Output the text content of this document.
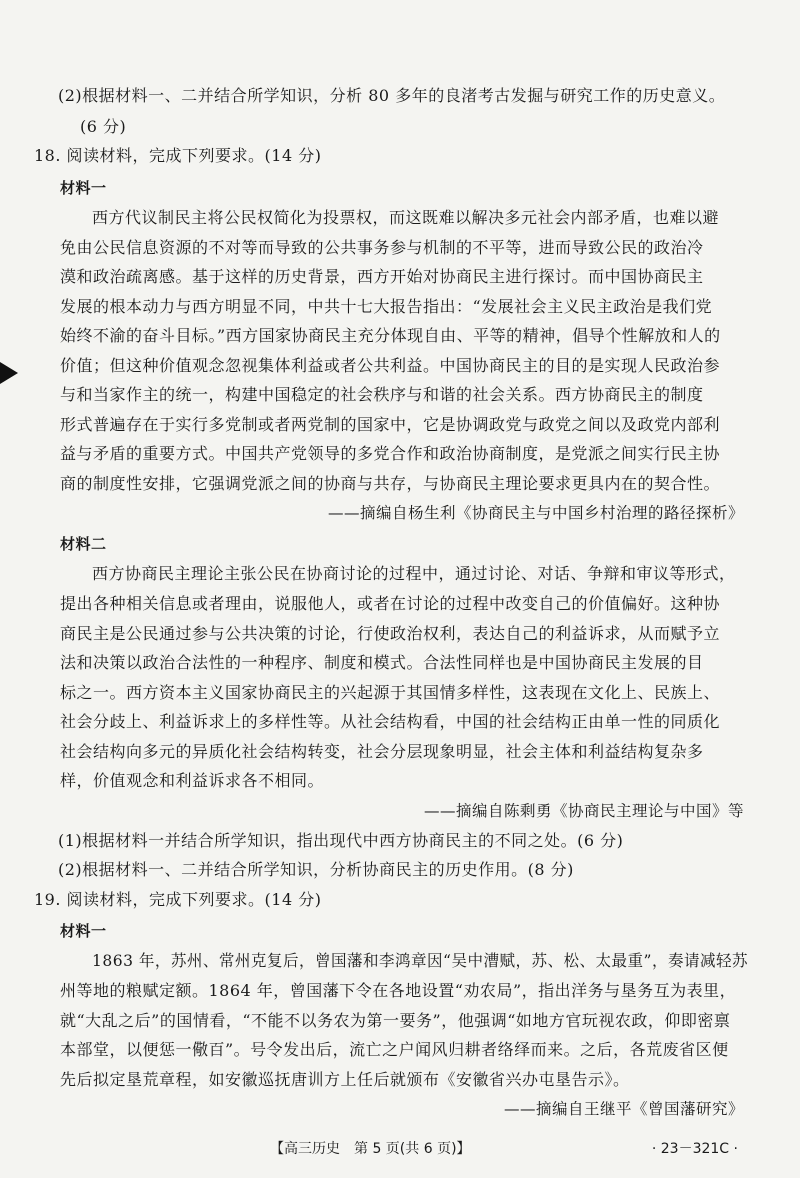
(2)根据材料一、二并结合所学知识，分析 80 多年的良渚考古发掘与研究工作的历史意义。
(6 分)
18. 阅读材料，完成下列要求。(14 分)
材料一
西方代议制民主将公民权简化为投票权，而这既难以解决多元社会内部矛盾，也难以避
免由公民信息资源的不对等而导致的公共事务参与机制的不平等，进而导致公民的政治冷
漠和政治疏离感。基于这样的历史背景，西方开始对协商民主进行探讨。而中国协商民主
发展的根本动力与西方明显不同，中共十七大报告指出：“发展社会主义民主政治是我们党
始终不渝的奋斗目标。”西方国家协商民主充分体现自由、平等的精神，倡导个性解放和人的
价值；但这种价值观念忽视集体利益或者公共利益。中国协商民主的目的是实现人民政治参
与和当家作主的统一，构建中国稳定的社会秩序与和谐的社会关系。西方协商民主的制度
形式普遍存在于实行多党制或者两党制的国家中，它是协调政党与政党之间以及政党内部利
益与矛盾的重要方式。中国共产党领导的多党合作和政治协商制度，是党派之间实行民主协
商的制度性安排，它强调党派之间的协商与共存，与协商民主理论要求更具内在的契合性。
——摘编自杨生利《协商民主与中国乡村治理的路径探析》
材料二
西方协商民主理论主张公民在协商讨论的过程中，通过讨论、对话、争辩和审议等形式，
提出各种相关信息或者理由，说服他人，或者在讨论的过程中改变自己的价值偏好。这种协
商民主是公民通过参与公共决策的讨论，行使政治权利，表达自己的利益诉求，从而赋予立
法和决策以政治合法性的一种程序、制度和模式。合法性同样也是中国协商民主发展的目
标之一。西方资本主义国家协商民主的兴起源于其国情多样性，这表现在文化上、民族上、
社会分歧上、利益诉求上的多样性等。从社会结构看，中国的社会结构正由单一性的同质化
社会结构向多元的异质化社会结构转变，社会分层现象明显，社会主体和利益结构复杂多
样，价值观念和利益诉求各不相同。
——摘编自陈剩勇《协商民主理论与中国》等
(1)根据材料一并结合所学知识，指出现代中西方协商民主的不同之处。(6 分)
(2)根据材料一、二并结合所学知识，分析协商民主的历史作用。(8 分)
19. 阅读材料，完成下列要求。(14 分)
材料一
1863 年，苏州、常州克复后，曾国藩和李鸿章因“吴中漕赋，苏、松、太最重”，奏请减轻苏
州等地的粮赋定额。1864 年，曾国藩下令在各地设置“劝农局”，指出洋务与垦务互为表里，
就“大乱之后”的国情看，“不能不以务农为第一要务”，他强调“如地方官玩视农政，仰即密禀
本部堂，以便惩一儆百”。号令发出后，流亡之户闻风归耕者络绎而来。之后，各荒废省区便
先后拟定垦荒章程，如安徽巡抚唐训方上任后就颁布《安徽省兴办屯垦告示》。
——摘编自王继平《曾国藩研究》
【高三历史　第 5 页(共 6 页)】	· 23－321C ·
